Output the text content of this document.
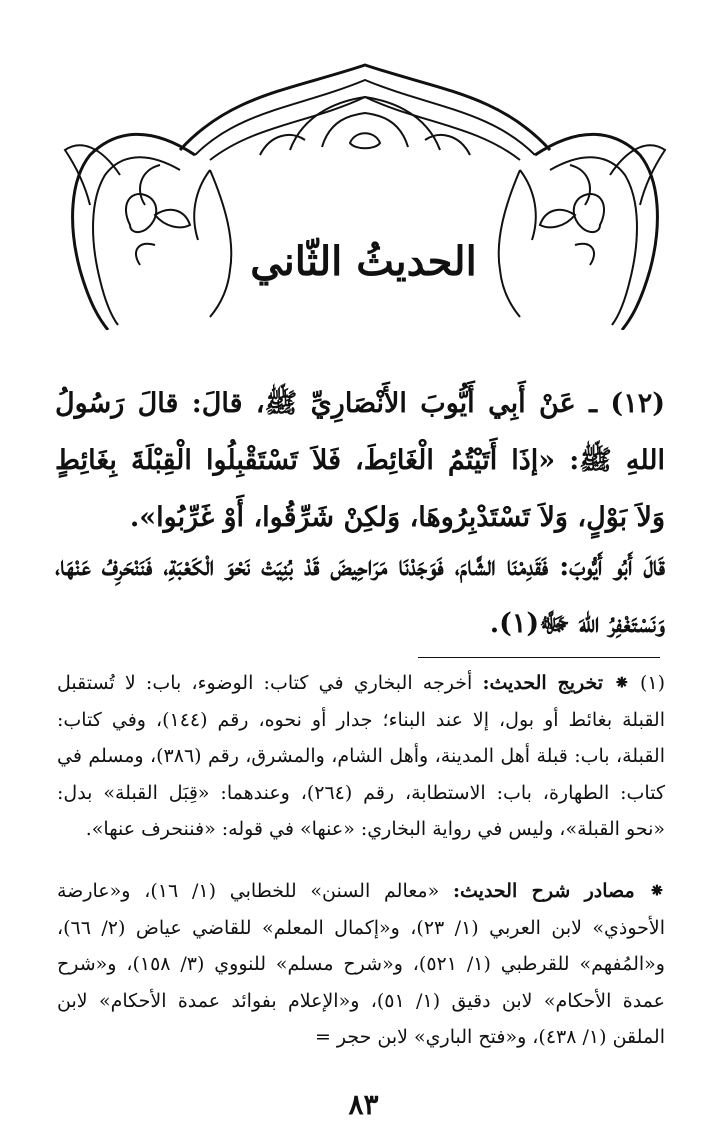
الحديثُ الثّاني
(١٢) ـ عَنْ أَبِي أَيُّوبَ الأَنْصَارِيِّ ﷺ، قالَ: قالَ رَسُولُ اللهِ ﷺ: «إذَا أَتَيْتُمُ الْغَائِطَ، فَلاَ تَسْتَقْبِلُوا الْقِبْلَةَ بِغَائِطٍ وَلاَ بَوْلٍ، وَلاَ تَسْتَدْبِرُوهَا، وَلكِنْ شَرِّقُوا، أَوْ غَرِّبُوا».
قَالَ أَبُو أَيُّوبَ: فَقَدِمْنَا الشَّامَ، فَوَجَدْنَا مَرَاحِيضَ قَدْ بُنِيَتْ نَحْوَ الْكَعْبَةِ، فَنَنْحَرِفُ عَنْهَا، وَنَسْتَغْفِرُ اللهَ ﷻ(١).
(١) ⁕ تخريج الحديث: أخرجه البخاري في كتاب: الوضوء، باب: لا تُستقبل القبلة بغائط أو بول، إلا عند البناء؛ جدار أو نحوه، رقم (١٤٤)، وفي كتاب: القبلة، باب: قبلة أهل المدينة، وأهل الشام، والمشرق، رقم (٣٨٦)، ومسلم في كتاب: الطهارة، باب: الاستطابة، رقم (٢٦٤)، وعندهما: «قِبَل القبلة» بدل: «نحو القبلة»، وليس في رواية البخاري: «عنها» في قوله: «فننحرف عنها».
⁕ مصادر شرح الحديث: «معالم السنن» للخطابي (١/ ١٦)، و«عارضة الأحوذي» لابن العربي (١/ ٢٣)، و«إكمال المعلم» للقاضي عياض (٢/ ٦٦)، و«المُفهم» للقرطبي (١/ ٥٢١)، و«شرح مسلم» للنووي (٣/ ١٥٨)، و«شرح عمدة الأحكام» لابن دقيق (١/ ٥١)، و«الإعلام بفوائد عمدة الأحكام» لابن الملقن (١/ ٤٣٨)، و«فتح الباري» لابن حجر =
٨٣
